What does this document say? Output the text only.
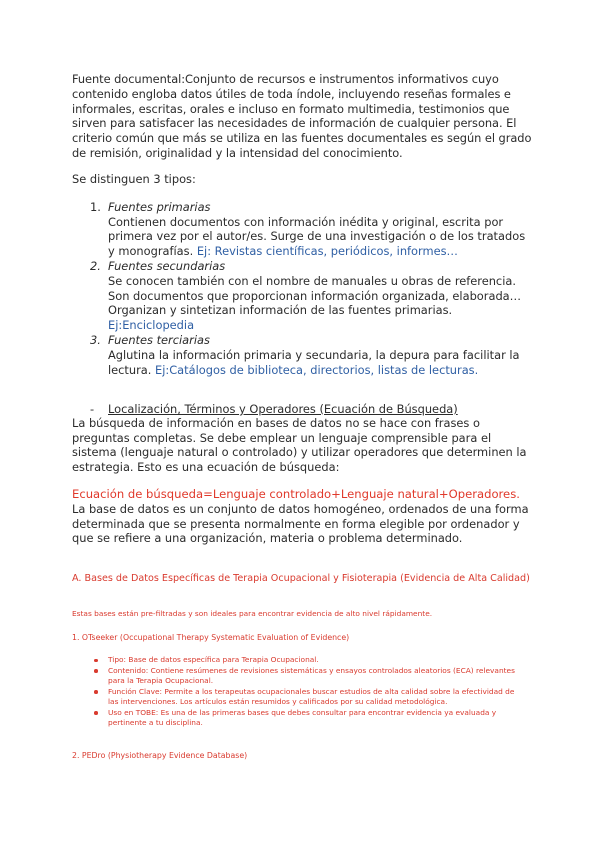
Fuente documental:Conjunto de recursos e instrumentos informativos cuyo contenido engloba datos útiles de toda índole, incluyendo reseñas formales e informales, escritas, orales e incluso en formato multimedia, testimonios que sirven para satisfacer las necesidades de información de cualquier persona. El criterio común que más se utiliza en las fuentes documentales es según el grado de remisión, originalidad y la intensidad del conocimiento.

Se distinguen 3 tipos:
1. Fuentes primarias
Contienen documentos con información inédita y original, escrita por primera vez por el autor/es. Surge de una investigación o de los tratados y monografías. Ej: Revistas científicas, periódicos, informes…
2. Fuentes secundarias
Se conocen también con el nombre de manuales u obras de referencia. Son documentos que proporcionan información organizada, elaborada…Organizan y sintetizan información de las fuentes primarias.
Ej:Enciclopedia
3. Fuentes terciarias
Aglutina la información primaria y secundaria, la depura para facilitar la lectura. Ej:Catálogos de biblioteca, directorios, listas de lecturas.
- Localización, Términos y Operadores (Ecuación de Búsqueda)

La búsqueda de información en bases de datos no se hace con frases o preguntas completas. Se debe emplear un lenguaje comprensible para el sistema (lenguaje natural o controlado) y utilizar operadores que determinen la estrategia. Esto es una ecuación de búsqueda:

Ecuación de búsqueda=Lenguaje controlado+Lenguaje natural+Operadores.

La base de datos es un conjunto de datos homogéneo, ordenados de una forma determinada que se presenta normalmente en forma elegible por ordenador y que se refiere a una organización, materia o problema determinado.

A. Bases de Datos Específicas de Terapia Ocupacional y Fisioterapia (Evidencia de Alta Calidad)
Estas bases están pre-filtradas y son ideales para encontrar evidencia de alto nivel rápidamente.
1. OTseeker (Occupational Therapy Systematic Evaluation of Evidence)
Tipo: Base de datos específica para Terapia Ocupacional.
Contenido: Contiene resúmenes de revisiones sistemáticas y ensayos controlados aleatorios (ECA) relevantes para la Terapia Ocupacional.
Función Clave: Permite a los terapeutas ocupacionales buscar estudios de alta calidad sobre la efectividad de las intervenciones. Los artículos están resumidos y calificados por su calidad metodológica.
Uso en TOBE: Es una de las primeras bases que debes consultar para encontrar evidencia ya evaluada y pertinente a tu disciplina.
2. PEDro (Physiotherapy Evidence Database)
